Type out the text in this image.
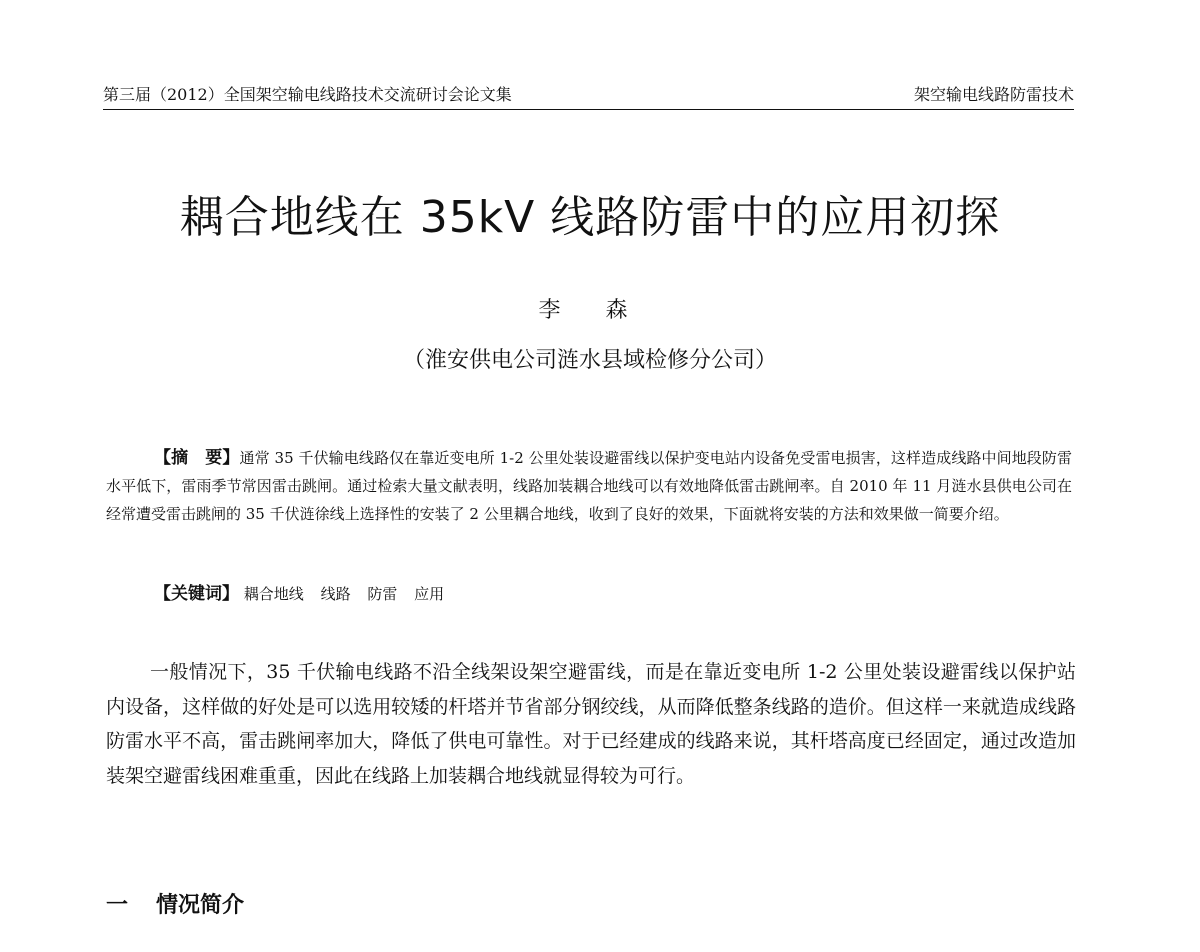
第三届（2012）全国架空输电线路技术交流研讨会论文集	架空输电线路防雷技术
耦合地线在 35kV 线路防雷中的应用初探
李 森
（淮安供电公司涟水县域检修分公司）

【摘　要】通常 35 千伏输电线路仅在靠近变电所 1-2 公里处装设避雷线以保护变电站内设备免受雷电损害，这样造成线路中间地段防雷水平低下，雷雨季节常因雷击跳闸。通过检索大量文献表明，线路加装耦合地线可以有效地降低雷击跳闸率。自 2010 年 11 月涟水县供电公司在经常遭受雷击跳闸的 35 千伏涟徐线上选择性的安装了 2 公里耦合地线，收到了良好的效果，下面就将安装的方法和效果做一简要介绍。

【关键词】 耦合地线 线路 防雷 应用

一般情况下，35 千伏输电线路不沿全线架设架空避雷线，而是在靠近变电所 1-2 公里处装设避雷线以保护站内设备，这样做的好处是可以选用较矮的杆塔并节省部分钢绞线，从而降低整条线路的造价。但这样一来就造成线路防雷水平不高，雷击跳闸率加大，降低了供电可靠性。对于已经建成的线路来说，其杆塔高度已经固定，通过改造加装架空避雷线困难重重，因此在线路上加装耦合地线就显得较为可行。

一 情况简介
